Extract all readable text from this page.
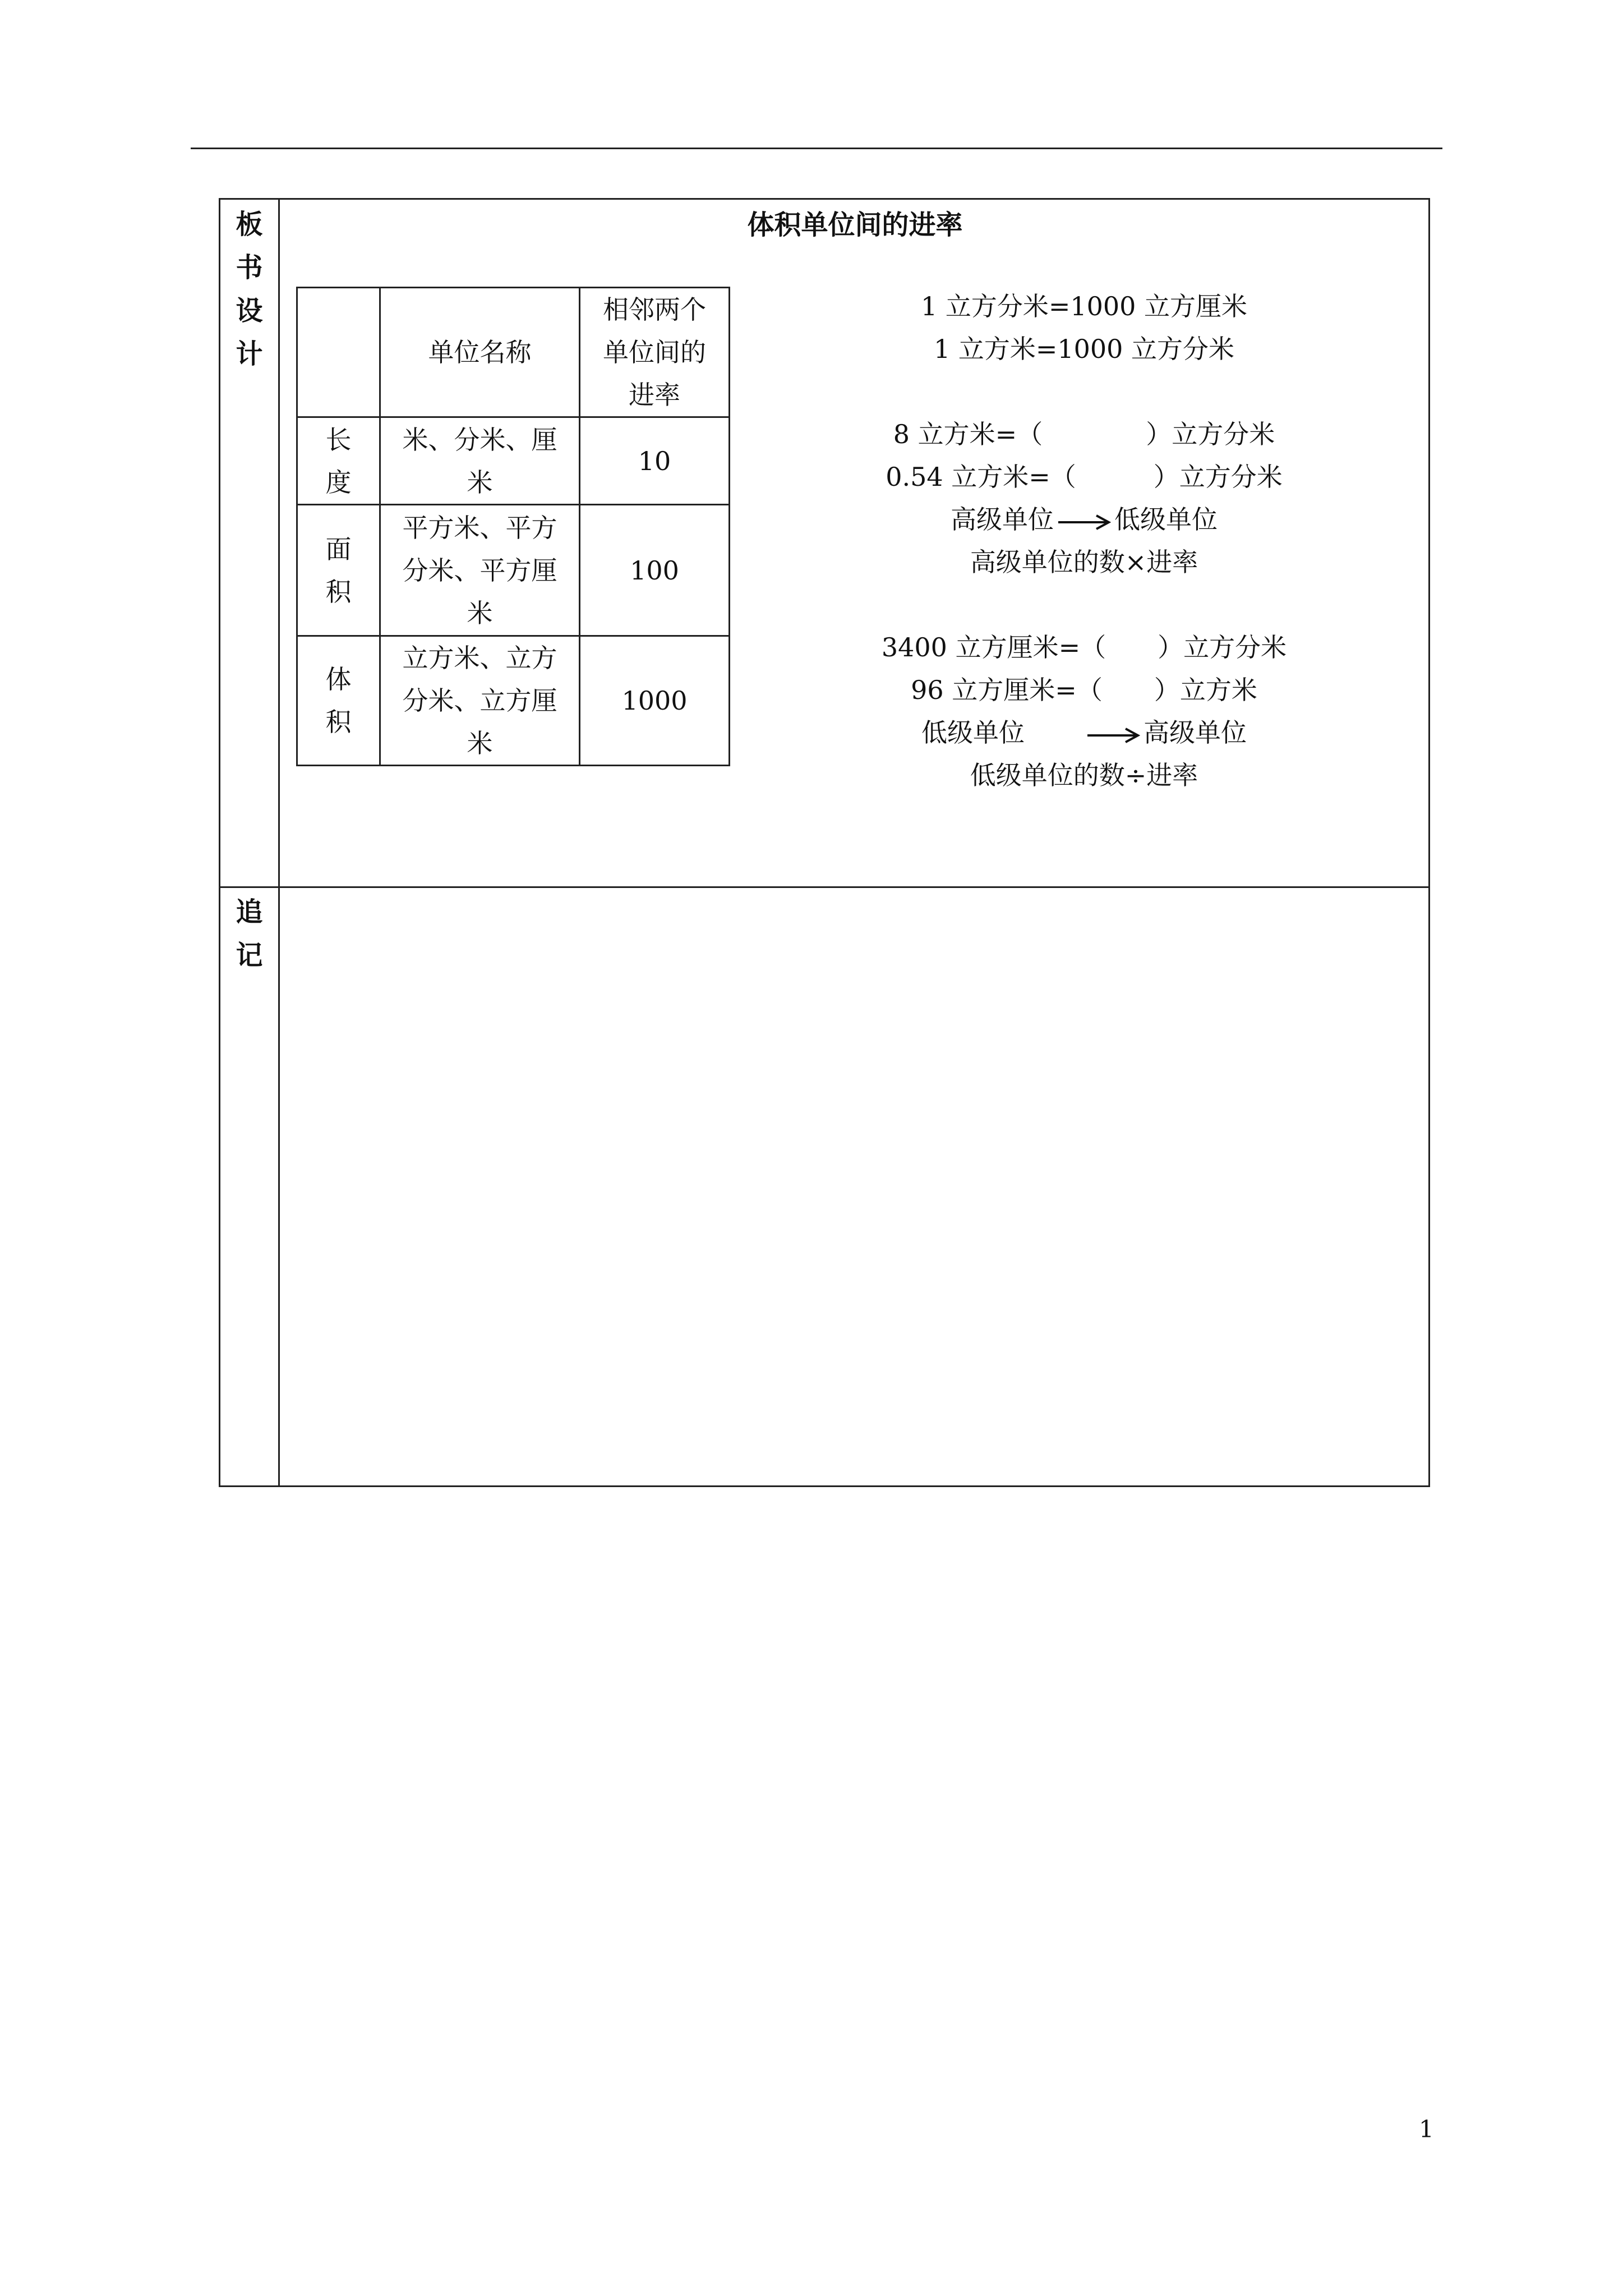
板
书
设
计
追
记
体积单位间的进率
	单位名称	相邻两个
单位间的
进率
长
度	米、分米、厘
米	10
面
积	平方米、平方
分米、平方厘
米	100
体
积	立方米、立方
分米、立方厘
米	1000
1 立方分米=1000 立方厘米
1 立方米=1000 立方分米
8 立方米=（　　　　）立方分米
0.54 立方米=（　　　）立方分米
高级单位 低级单位
高级单位的数×进率
3400 立方厘米=（　　）立方分米
96 立方厘米=（　　）立方米
低级单位	高级单位
低级单位的数÷进率
1
